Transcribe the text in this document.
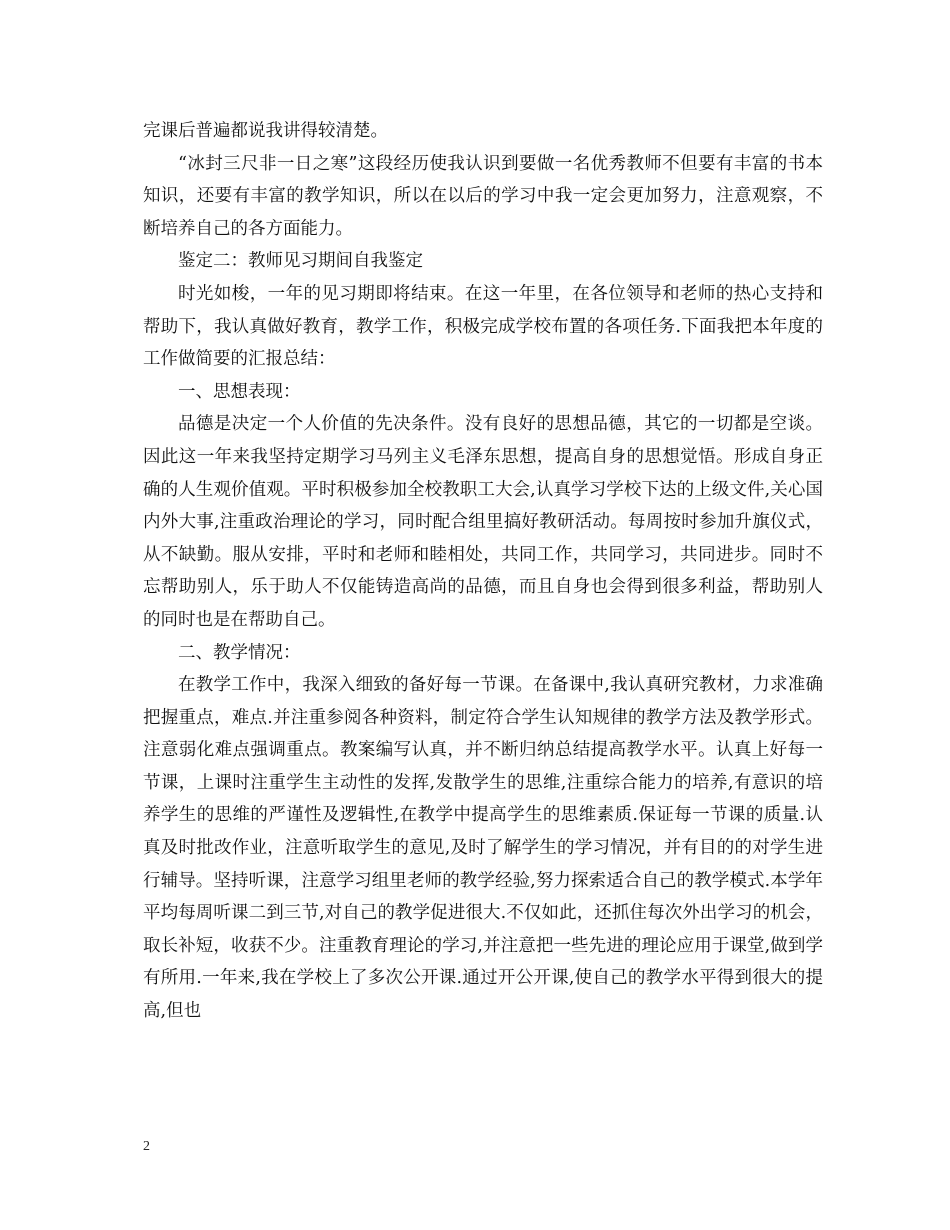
完课后普遍都说我讲得较清楚。

“冰封三尺非一日之寒”这段经历使我认识到要做一名优秀教师不但要有丰富的书本知识，还要有丰富的教学知识，所以在以后的学习中我一定会更加努力，注意观察，不断培养自己的各方面能力。

鉴定二：教师见习期间自我鉴定

时光如梭，一年的见习期即将结束。在这一年里，在各位领导和老师的热心支持和帮助下，我认真做好教育，教学工作，积极完成学校布置的各项任务.下面我把本年度的工作做简要的汇报总结：

一、思想表现：

品德是决定一个人价值的先决条件。没有良好的思想品德，其它的一切都是空谈。因此这一年来我坚持定期学习马列主义毛泽东思想，提高自身的思想觉悟。形成自身正确的人生观价值观。平时积极参加全校教职工大会,认真学习学校下达的上级文件,关心国内外大事,注重政治理论的学习，同时配合组里搞好教研活动。每周按时参加升旗仪式，从不缺勤。服从安排，平时和老师和睦相处，共同工作，共同学习，共同进步。同时不忘帮助别人，乐于助人不仅能铸造高尚的品德，而且自身也会得到很多利益，帮助别人的同时也是在帮助自己。

二、教学情况：

在教学工作中，我深入细致的备好每一节课。在备课中,我认真研究教材，力求准确把握重点，难点.并注重参阅各种资料，制定符合学生认知规律的教学方法及教学形式。注意弱化难点强调重点。教案编写认真，并不断归纳总结提高教学水平。认真上好每一节课，上课时注重学生主动性的发挥,发散学生的思维,注重综合能力的培养,有意识的培养学生的思维的严谨性及逻辑性,在教学中提高学生的思维素质.保证每一节课的质量.认真及时批改作业，注意听取学生的意见,及时了解学生的学习情况，并有目的的对学生进行辅导。坚持听课，注意学习组里老师的教学经验,努力探索适合自己的教学模式.本学年平均每周听课二到三节,对自己的教学促进很大.不仅如此，还抓住每次外出学习的机会，取长补短，收获不少。注重教育理论的学习,并注意把一些先进的理论应用于课堂,做到学有所用.一年来,我在学校上了多次公开课.通过开公开课,使自己的教学水平得到很大的提高,但也

2
